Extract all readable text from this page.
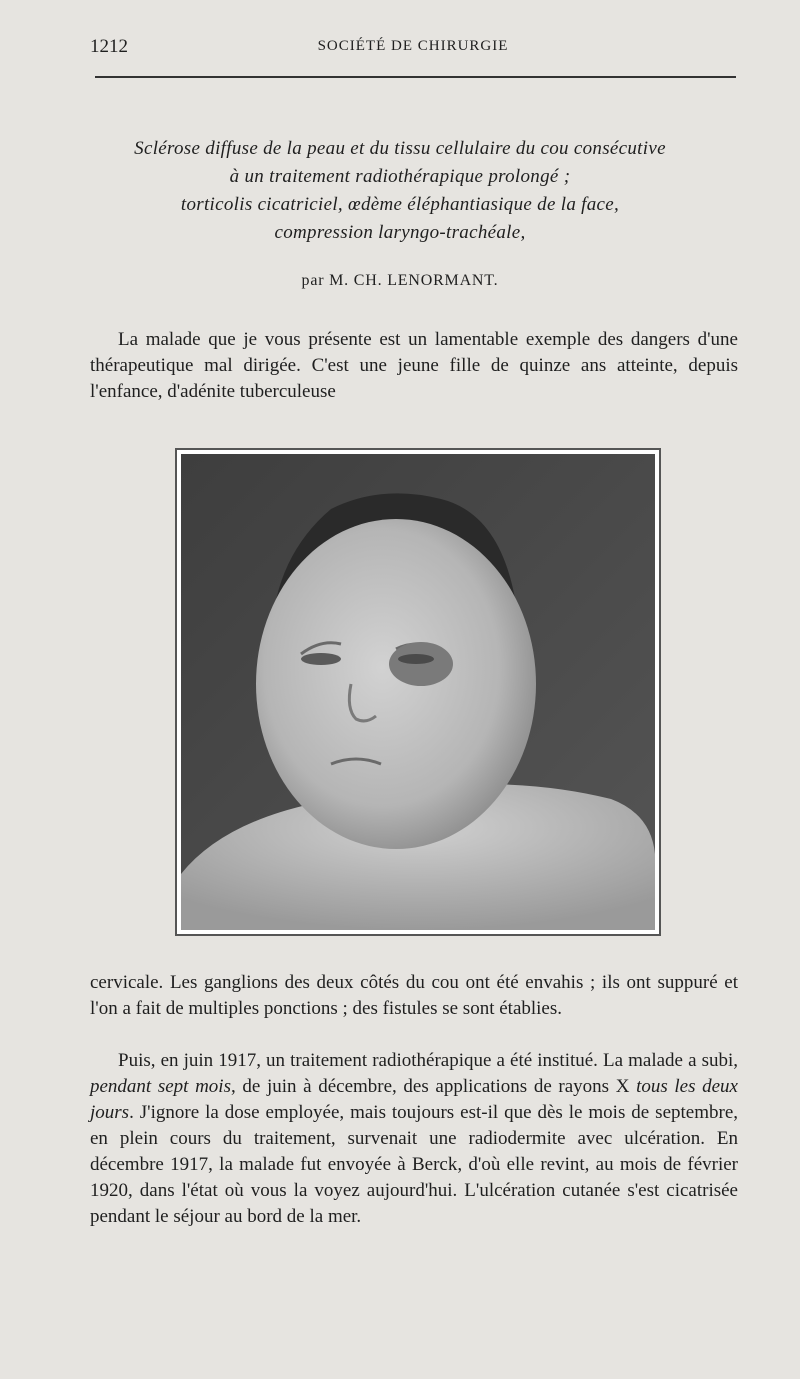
1212	SOCIÉTÉ DE CHIRURGIE
Sclérose diffuse de la peau et du tissu cellulaire du cou consécutive
à un traitement radiothérapique prolongé ;
torticolis cicatriciel, œdème éléphantiasique de la face,
compression laryngo-trachéale,
par M. CH. LENORMANT.
La malade que je vous présente est un lamentable exemple des dangers d'une thérapeutique mal dirigée. C'est une jeune fille de quinze ans atteinte, depuis l'enfance, d'adénite tuberculeuse
cervicale. Les ganglions des deux côtés du cou ont été envahis ; ils ont suppuré et l'on a fait de multiples ponctions ; des fistules se sont établies.
Puis, en juin 1917, un traitement radiothérapique a été institué. La malade a subi, pendant sept mois, de juin à décembre, des applications de rayons X tous les deux jours. J'ignore la dose employée, mais toujours est-il que dès le mois de septembre, en plein cours du traitement, survenait une radiodermite avec ulcération. En décembre 1917, la malade fut envoyée à Berck, d'où elle revint, au mois de février 1920, dans l'état où vous la voyez aujourd'hui. L'ulcération cutanée s'est cicatrisée pendant le séjour au bord de la mer.
